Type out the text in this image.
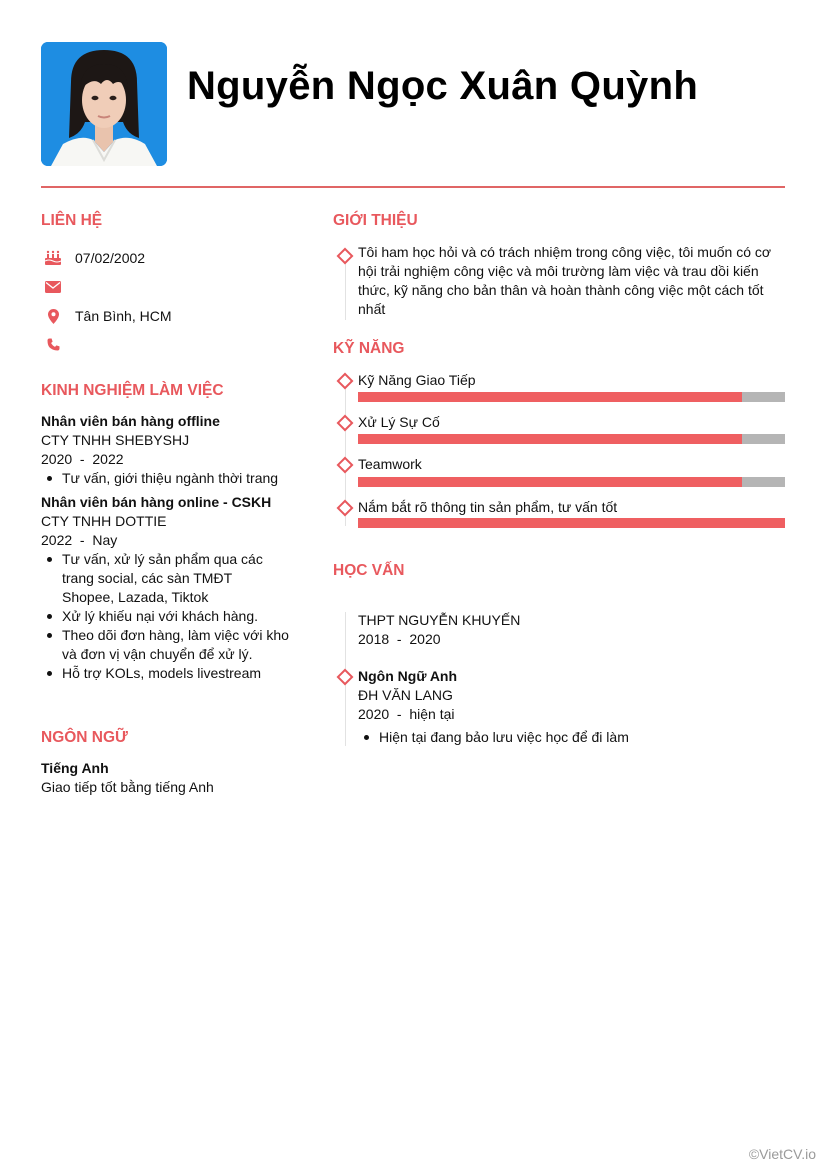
Nguyễn Ngọc Xuân Quỳnh
LIÊN HỆ
07/02/2002
Tân Bình, HCM
KINH NGHIỆM LÀM VIỆC
Nhân viên bán hàng offline
CTY TNHH SHEBYSHJ
2020  -  2022
Tư vấn, giới thiệu ngành thời trang
Nhân viên bán hàng online - CSKH
CTY TNHH DOTTIE
2022  -  Nay
Tư vấn, xử lý sản phẩm qua các trang social, các sàn TMĐT Shopee, Lazada, Tiktok
Xử lý khiếu nại với khách hàng.
Theo dõi đơn hàng, làm việc với kho và đơn vị vận chuyển để xử lý.
Hỗ trợ KOLs, models livestream
NGÔN NGỮ
Tiếng Anh
Giao tiếp tốt bằng tiếng Anh
GIỚI THIỆU
Tôi ham học hỏi và có trách nhiệm trong công việc, tôi muốn có cơ hội trải nghiệm công việc và môi trường làm việc và trau dồi kiến thức, kỹ năng cho bản thân và hoàn thành công việc một cách tốt nhất
KỸ NĂNG
Kỹ Năng Giao Tiếp
Xử Lý Sự Cố
Teamwork
Nắm bắt rõ thông tin sản phẩm, tư vấn tốt
HỌC VẤN
THPT NGUYỄN KHUYẾN
2018  -  2020
Ngôn Ngữ Anh
ĐH VĂN LANG
2020  -  hiện tại
Hiện tại đang bảo lưu việc học để đi làm
©VietCV.io
